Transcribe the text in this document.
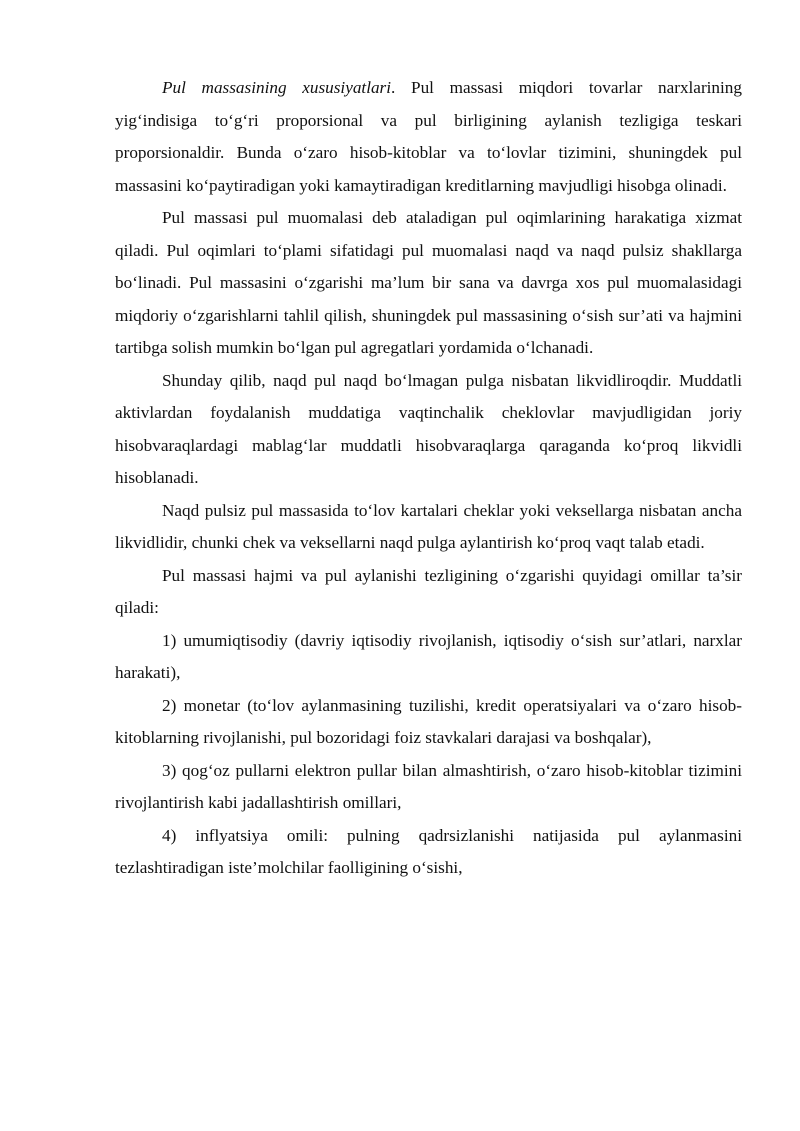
Pul massasining xususiyatlari. Pul massasi miqdori tovarlar narxlarining yig‘indisiga to‘g‘ri proporsional va pul birligining aylanish tezligiga teskari proporsionaldir. Bunda o‘zaro hisob-kitoblar va to‘lovlar tizimini, shuningdek pul massasini ko‘paytiradigan yoki kamaytiradigan kreditlarning mavjudligi hisobga olinadi.

Pul massasi pul muomalasi deb ataladigan pul oqimlarining harakatiga xizmat qiladi. Pul oqimlari to‘plami sifatidagi pul muomalasi naqd va naqd pulsiz shakllarga bo‘linadi. Pul massasini o‘zgarishi ma’lum bir sana va davrga xos pul muomalasidagi miqdoriy o‘zgarishlarni tahlil qilish, shuningdek pul massasining o‘sish sur’ati va hajmini tartibga solish mumkin bo‘lgan pul agregatlari yordamida o‘lchanadi.

Shunday qilib, naqd pul naqd bo‘lmagan pulga nisbatan likvidliroqdir. Muddatli aktivlardan foydalanish muddatiga vaqtinchalik cheklovlar mavjudligidan joriy hisobvaraqlardagi mablag‘lar muddatli hisobvaraqlarga qaraganda ko‘proq likvidli hisoblanadi.

Naqd pulsiz pul massasida to‘lov kartalari cheklar yoki veksellarga nisbatan ancha likvidlidir, chunki chek va veksellarni naqd pulga aylantirish ko‘proq vaqt talab etadi.

Pul massasi hajmi va pul aylanishi tezligining o‘zgarishi quyidagi omillar ta’sir qiladi:

1) umumiqtisodiy (davriy iqtisodiy rivojlanish, iqtisodiy o‘sish sur’atlari, narxlar harakati),

2) monetar (to‘lov aylanmasining tuzilishi, kredit operatsiyalari va o‘zaro hisob-kitoblarning rivojlanishi, pul bozoridagi foiz stavkalari darajasi va boshqalar),

3) qog‘oz pullarni elektron pullar bilan almashtirish, o‘zaro hisob-kitoblar tizimini rivojlantirish kabi jadallashtirish omillari,

4) inflyatsiya omili: pulning qadrsizlanishi natijasida pul aylanmasini tezlashtiradigan iste’molchilar faolligining o‘sishi,
